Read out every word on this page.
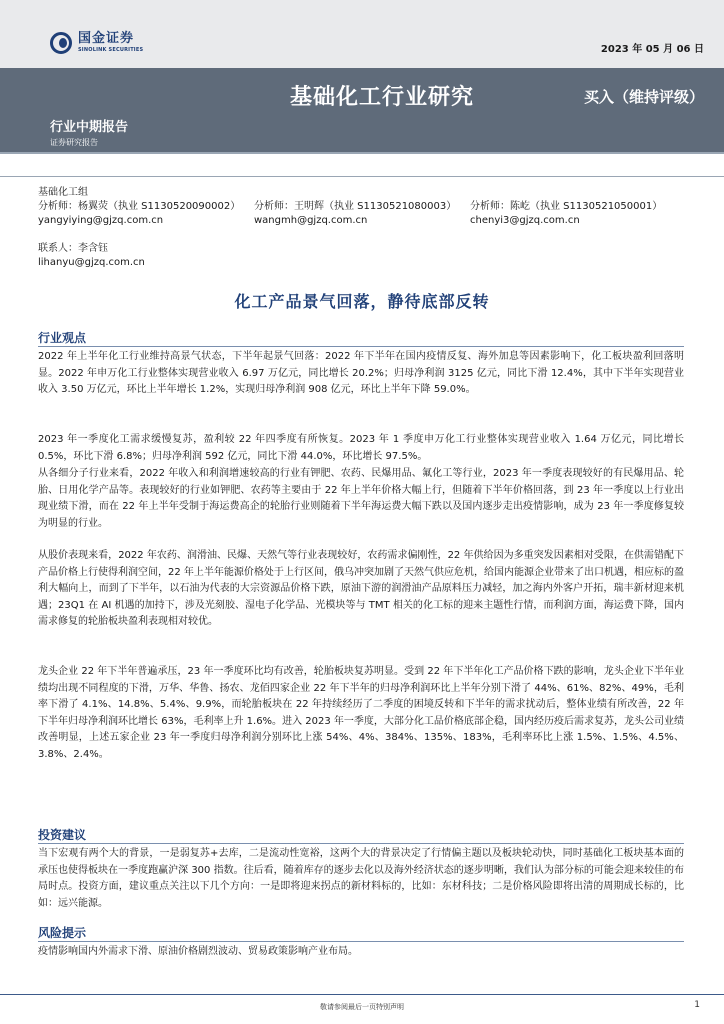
国金证券
SINOLINK SECURITIES	2023 年 05 月 06 日
基础化工行业研究	买入（维持评级）
行业中期报告
证券研究报告
基础化工组
分析师：杨翼荧（执业 S1130520090002）
yangyiying@gjzq.com.cn
分析师：王明辉（执业 S1130521080003）
wangmh@gjzq.com.cn
分析师：陈屹（执业 S1130521050001）
chenyi3@gjzq.com.cn
联系人：李含钰
lihanyu@gjzq.com.cn
化工产品景气回落，静待底部反转
行业观点
2022 年上半年化工行业维持高景气状态，下半年起景气回落：2022 年下半年在国内疫情反复、海外加息等因素影响下，化工板块盈利回落明显。2022 年申万化工行业整体实现营业收入 6.97 万亿元，同比增长 20.2%；归母净利润 3125 亿元，同比下滑 12.4%，其中下半年实现营业收入 3.50 万亿元，环比上半年增长 1.2%，实现归母净利润 908 亿元，环比上半年下降 59.0%。
2023 年一季度化工需求缓慢复苏，盈利较 22 年四季度有所恢复。2023 年 1 季度申万化工行业整体实现营业收入 1.64 万亿元，同比增长 0.5%，环比下滑 6.8%；归母净利润 592 亿元，同比下滑 44.0%，环比增长 97.5%。
从各细分子行业来看，2022 年收入和利润增速较高的行业有钾肥、农药、民爆用品、氟化工等行业，2023 年一季度表现较好的有民爆用品、轮胎、日用化学产品等。表现较好的行业如钾肥、农药等主要由于 22 年上半年价格大幅上行，但随着下半年价格回落，到 23 年一季度以上行业出现业绩下滑，而在 22 年上半年受制于海运费高企的轮胎行业则随着下半年海运费大幅下跌以及国内逐步走出疫情影响，成为 23 年一季度修复较为明显的行业。
从股价表现来看，2022 年农药、润滑油、民爆、天然气等行业表现较好，农药需求偏刚性，22 年供给因为多重突发因素相对受限，在供需错配下产品价格上行使得利润空间，22 年上半年能源价格处于上行区间，俄乌冲突加剧了天然气供应危机，给国内能源企业带来了出口机遇，相应标的盈利大幅向上，而到了下半年，以石油为代表的大宗资源品价格下跌，原油下游的润滑油产品原料压力减轻，加之海内外客户开拓，瑞丰新材迎来机遇；23Q1 在 AI 机遇的加持下，涉及光刻胶、湿电子化学品、光模块等与 TMT 相关的化工标的迎来主题性行情，而利润方面，海运费下降，国内需求修复的轮胎板块盈利表现相对较优。
龙头企业 22 年下半年普遍承压，23 年一季度环比均有改善，轮胎板块复苏明显。受到 22 年下半年化工产品价格下跌的影响，龙头企业下半年业绩均出现不同程度的下滑，万华、华鲁、扬农、龙佰四家企业 22 年下半年的归母净利润环比上半年分别下滑了 44%、61%、82%、49%，毛利率下滑了 4.1%、14.8%、5.4%、9.9%，而轮胎板块在 22 年持续经历了二季度的困境反转和下半年的需求扰动后，整体业绩有所改善，22 年下半年归母净利润环比增长 63%，毛利率上升 1.6%。进入 2023 年一季度，大部分化工品价格底部企稳，国内经历疫后需求复苏，龙头公司业绩改善明显，上述五家企业 23 年一季度归母净利润分别环比上涨 54%、4%、384%、135%、183%，毛利率环比上涨 1.5%、1.5%、4.5%、3.8%、2.4%。
投资建议
当下宏观有两个大的背景，一是弱复苏+去库，二是流动性宽裕，这两个大的背景决定了行情偏主题以及板块轮动快，同时基础化工板块基本面的承压也使得板块在一季度跑赢沪深 300 指数。往后看，随着库存的逐步去化以及海外经济状态的逐步明晰，我们认为部分标的可能会迎来较佳的布局时点。投资方面，建议重点关注以下几个方向：一是即将迎来拐点的新材料标的，比如：东材科技；二是价格风险即将出清的周期成长标的，比如：远兴能源。
风险提示
疫情影响国内外需求下滑、原油价格剧烈波动、贸易政策影响产业布局。
敬请参阅最后一页特别声明	1
